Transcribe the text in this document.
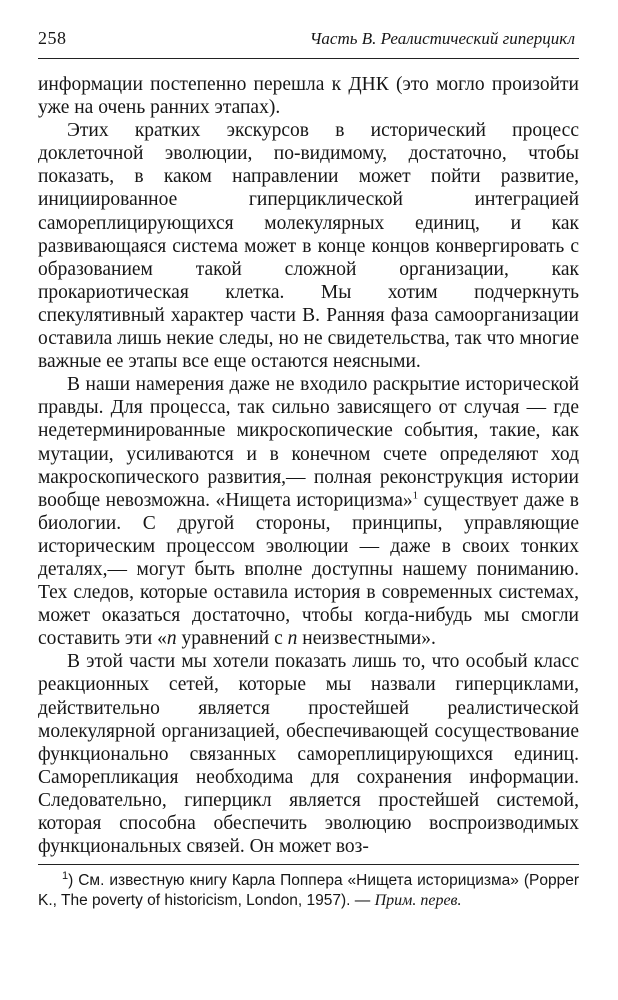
258	Часть В. Реалистический гиперцикл

информации постепенно перешла к ДНК (это могло произойти уже на очень ранних этапах).

Этих кратких экскурсов в исторический процесс доклеточной эволюции, по-видимому, достаточно, чтобы показать, в каком направлении может пойти развитие, инициированное гиперциклической интеграцией самореплицирующихся молекулярных единиц, и как развивающаяся система может в конце концов конвергировать с образованием такой сложной организации, как прокариотическая клетка. Мы хотим подчеркнуть спекулятивный характер части В. Ранняя фаза самоорганизации оставила лишь некие следы, но не свидетельства, так что многие важные ее этапы все еще остаются неясными.

В наши намерения даже не входило раскрытие исторической правды. Для процесса, так сильно зависящего от случая — где недетерминированные микроскопические события, такие, как мутации, усиливаются и в конечном счете определяют ход макроскопического развития,— полная реконструкция истории вообще невозможна. «Нищета историцизма»$^1$ существует даже в биологии. С другой стороны, принципы, управляющие историческим процессом эволюции — даже в своих тонких деталях,— могут быть вполне доступны нашему пониманию. Тех следов, которые оставила история в современных системах, может оказаться достаточно, чтобы когда-нибудь мы смогли составить эти «n уравнений с n неизвестными».

В этой части мы хотели показать лишь то, что особый класс реакционных сетей, которые мы назвали гиперциклами, действительно является простейшей реалистической молекулярной организацией, обеспечивающей сосуществование функционально связанных самореплицирующихся единиц. Саморепликация необходима для сохранения информации. Следовательно, гиперцикл является простейшей системой, которая способна обеспечить эволюцию воспроизводимых функциональных связей. Он может воз-

$^1$) См. известную книгу Карла Поппера «Нищета историцизма» (Popper K., The poverty of historicism, London, 1957). — Прим. перев.
